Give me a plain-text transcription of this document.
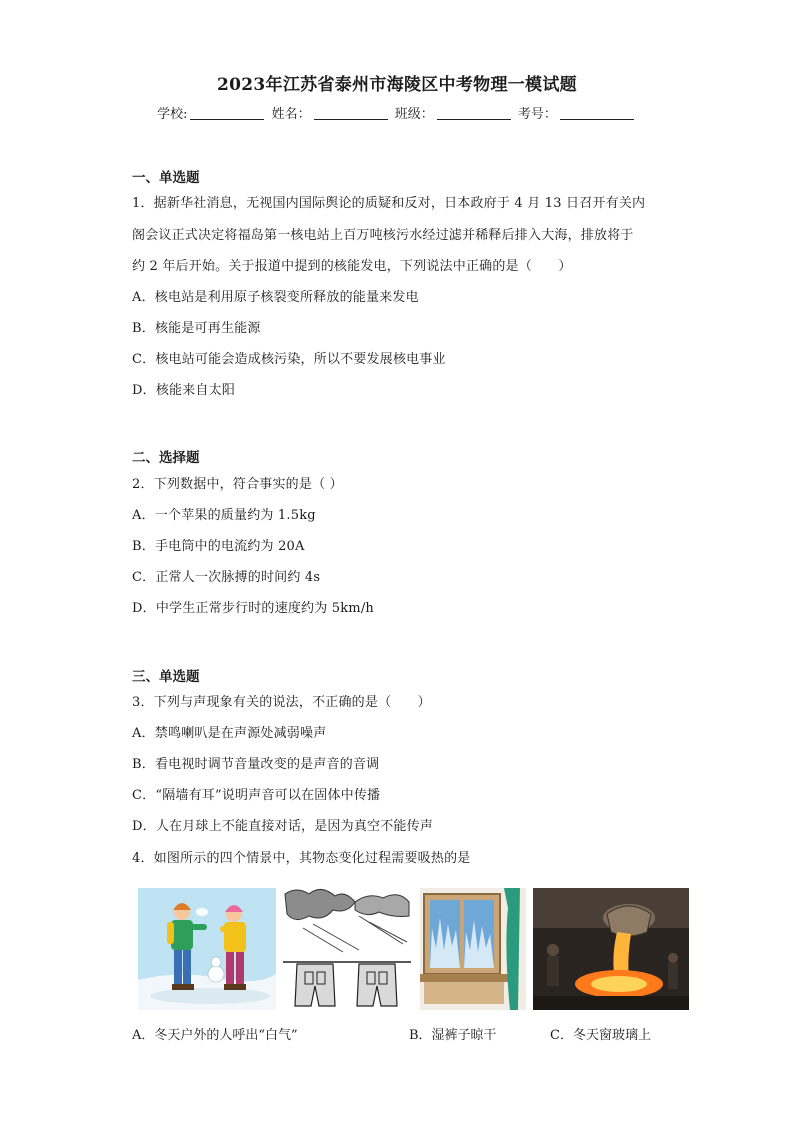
2023年江苏省泰州市海陵区中考物理一模试题
学校:	姓名：	班级：	考号：
一、单选题
1．据新华社消息，无视国内国际舆论的质疑和反对，日本政府于 4 月 13 日召开有关内
阁会议正式决定将福岛第一核电站上百万吨核污水经过滤并稀释后排入大海，排放将于
约 2 年后开始。关于报道中提到的核能发电，下列说法中正确的是（　　）
A．核电站是利用原子核裂变所释放的能量来发电
B．核能是可再生能源
C．核电站可能会造成核污染，所以不要发展核电事业
D．核能来自太阳
二、选择题
2．下列数据中，符合事实的是（ ）
A．一个苹果的质量约为 1.5kg
B．手电筒中的电流约为 20A
C．正常人一次脉搏的时间约 4s
D．中学生正常步行时的速度约为 5km/h
三、单选题
3．下列与声现象有关的说法，不正确的是（　　）
A．禁鸣喇叭是在声源处减弱噪声
B．看电视时调节音量改变的是声音的音调
C．“隔墙有耳”说明声音可以在固体中传播
D．人在月球上不能直接对话，是因为真空不能传声
4．如图所示的四个情景中，其物态变化过程需要吸热的是
A．冬天户外的人呼出“白气”	B．湿裤子晾干	C．冬天窗玻璃上
